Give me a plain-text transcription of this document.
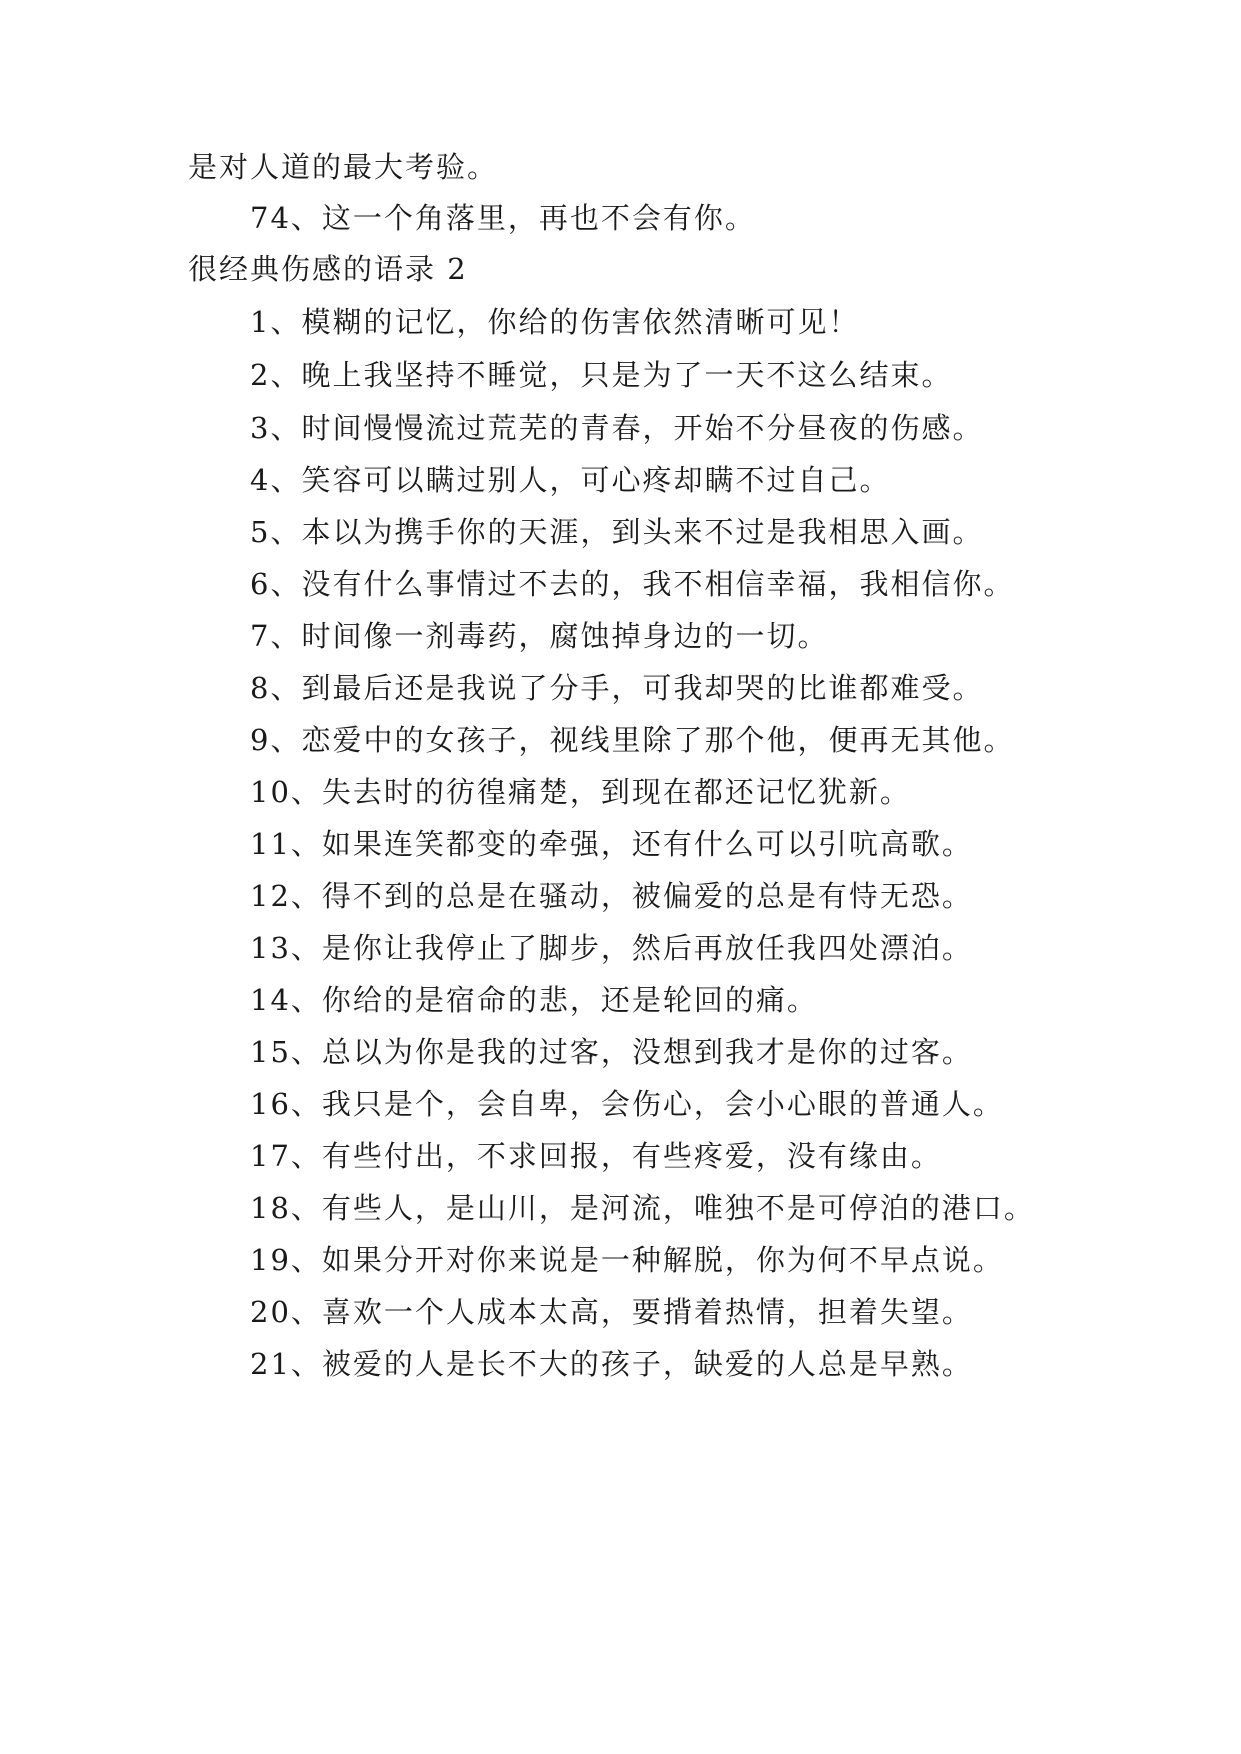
是对人道的最大考验。
74、这一个角落里，再也不会有你。
很经典伤感的语录 2
1、模糊的记忆，你给的伤害依然清晰可见！
2、晚上我坚持不睡觉，只是为了一天不这么结束。
3、时间慢慢流过荒芜的青春，开始不分昼夜的伤感。
4、笑容可以瞒过别人，可心疼却瞒不过自己。
5、本以为携手你的天涯，到头来不过是我相思入画。
6、没有什么事情过不去的，我不相信幸福，我相信你。
7、时间像一剂毒药，腐蚀掉身边的一切。
8、到最后还是我说了分手，可我却哭的比谁都难受。
9、恋爱中的女孩子，视线里除了那个他，便再无其他。
10、失去时的彷徨痛楚，到现在都还记忆犹新。
11、如果连笑都变的牵强，还有什么可以引吭高歌。
12、得不到的总是在骚动，被偏爱的总是有恃无恐。
13、是你让我停止了脚步，然后再放任我四处漂泊。
14、你给的是宿命的悲，还是轮回的痛。
15、总以为你是我的过客，没想到我才是你的过客。
16、我只是个，会自卑，会伤心，会小心眼的普通人。
17、有些付出，不求回报，有些疼爱，没有缘由。
18、有些人，是山川，是河流，唯独不是可停泊的港口。
19、如果分开对你来说是一种解脱，你为何不早点说。
20、喜欢一个人成本太高，要揹着热情，担着失望。
21、被爱的人是长不大的孩子，缺爱的人总是早熟。
